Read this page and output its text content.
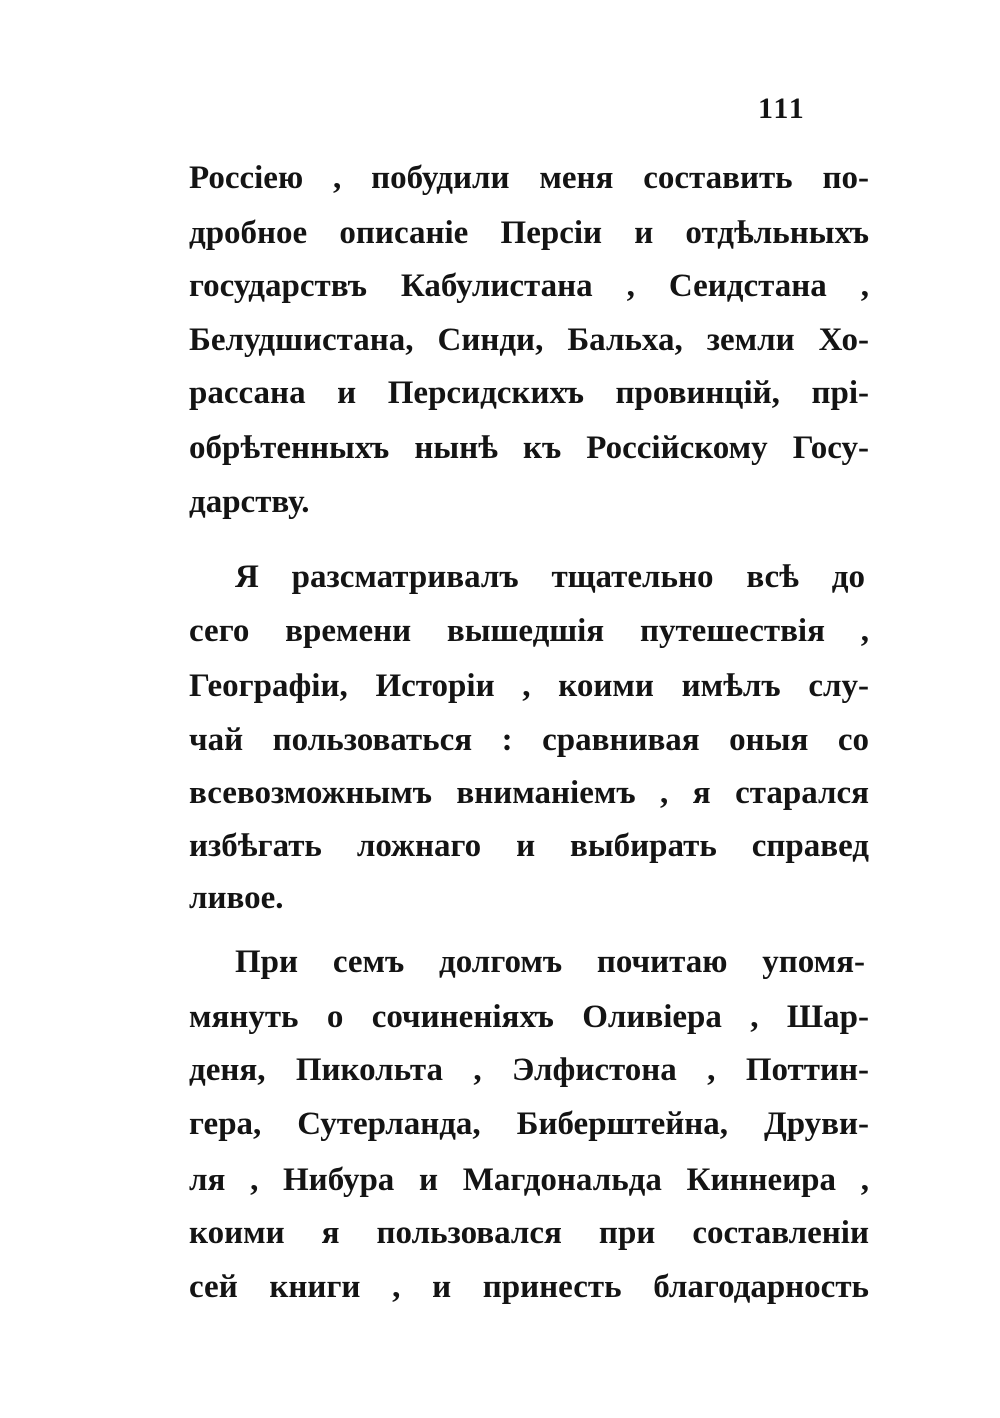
111
Россіею , побудили меня составить по-
дробное описаніе Персіи и отдѣльныхъ
государствъ Кабулистана , Сеидстана ,
Белудшистана, Синди, Бальха, земли Хо-
рассана и Персидскихъ провинцій, прі-
обрѣтенныхъ нынѣ къ Россійскому Госу-
дарству.
Я разсматривалъ тщательно всѣ до
сего времени вышедшія путешествія ,
Географіи, Исторіи , коими имѣлъ слу-
чай пользоваться : сравнивая оныя со
всевозможнымъ вниманіемъ , я старался
избѣгать ложнаго и выбирать справед
ливое.
При семъ долгомъ почитаю упомя-
мянуть о сочиненіяхъ Оливіера , Шар-
деня, Пикольта , Элфистона , Поттин-
гера, Сутерланда, Биберштейна, Друви-
ля , Нибура и Магдональда Киннеира ,
коими я пользовался при составленіи
сей книги , и принесть благодарность
